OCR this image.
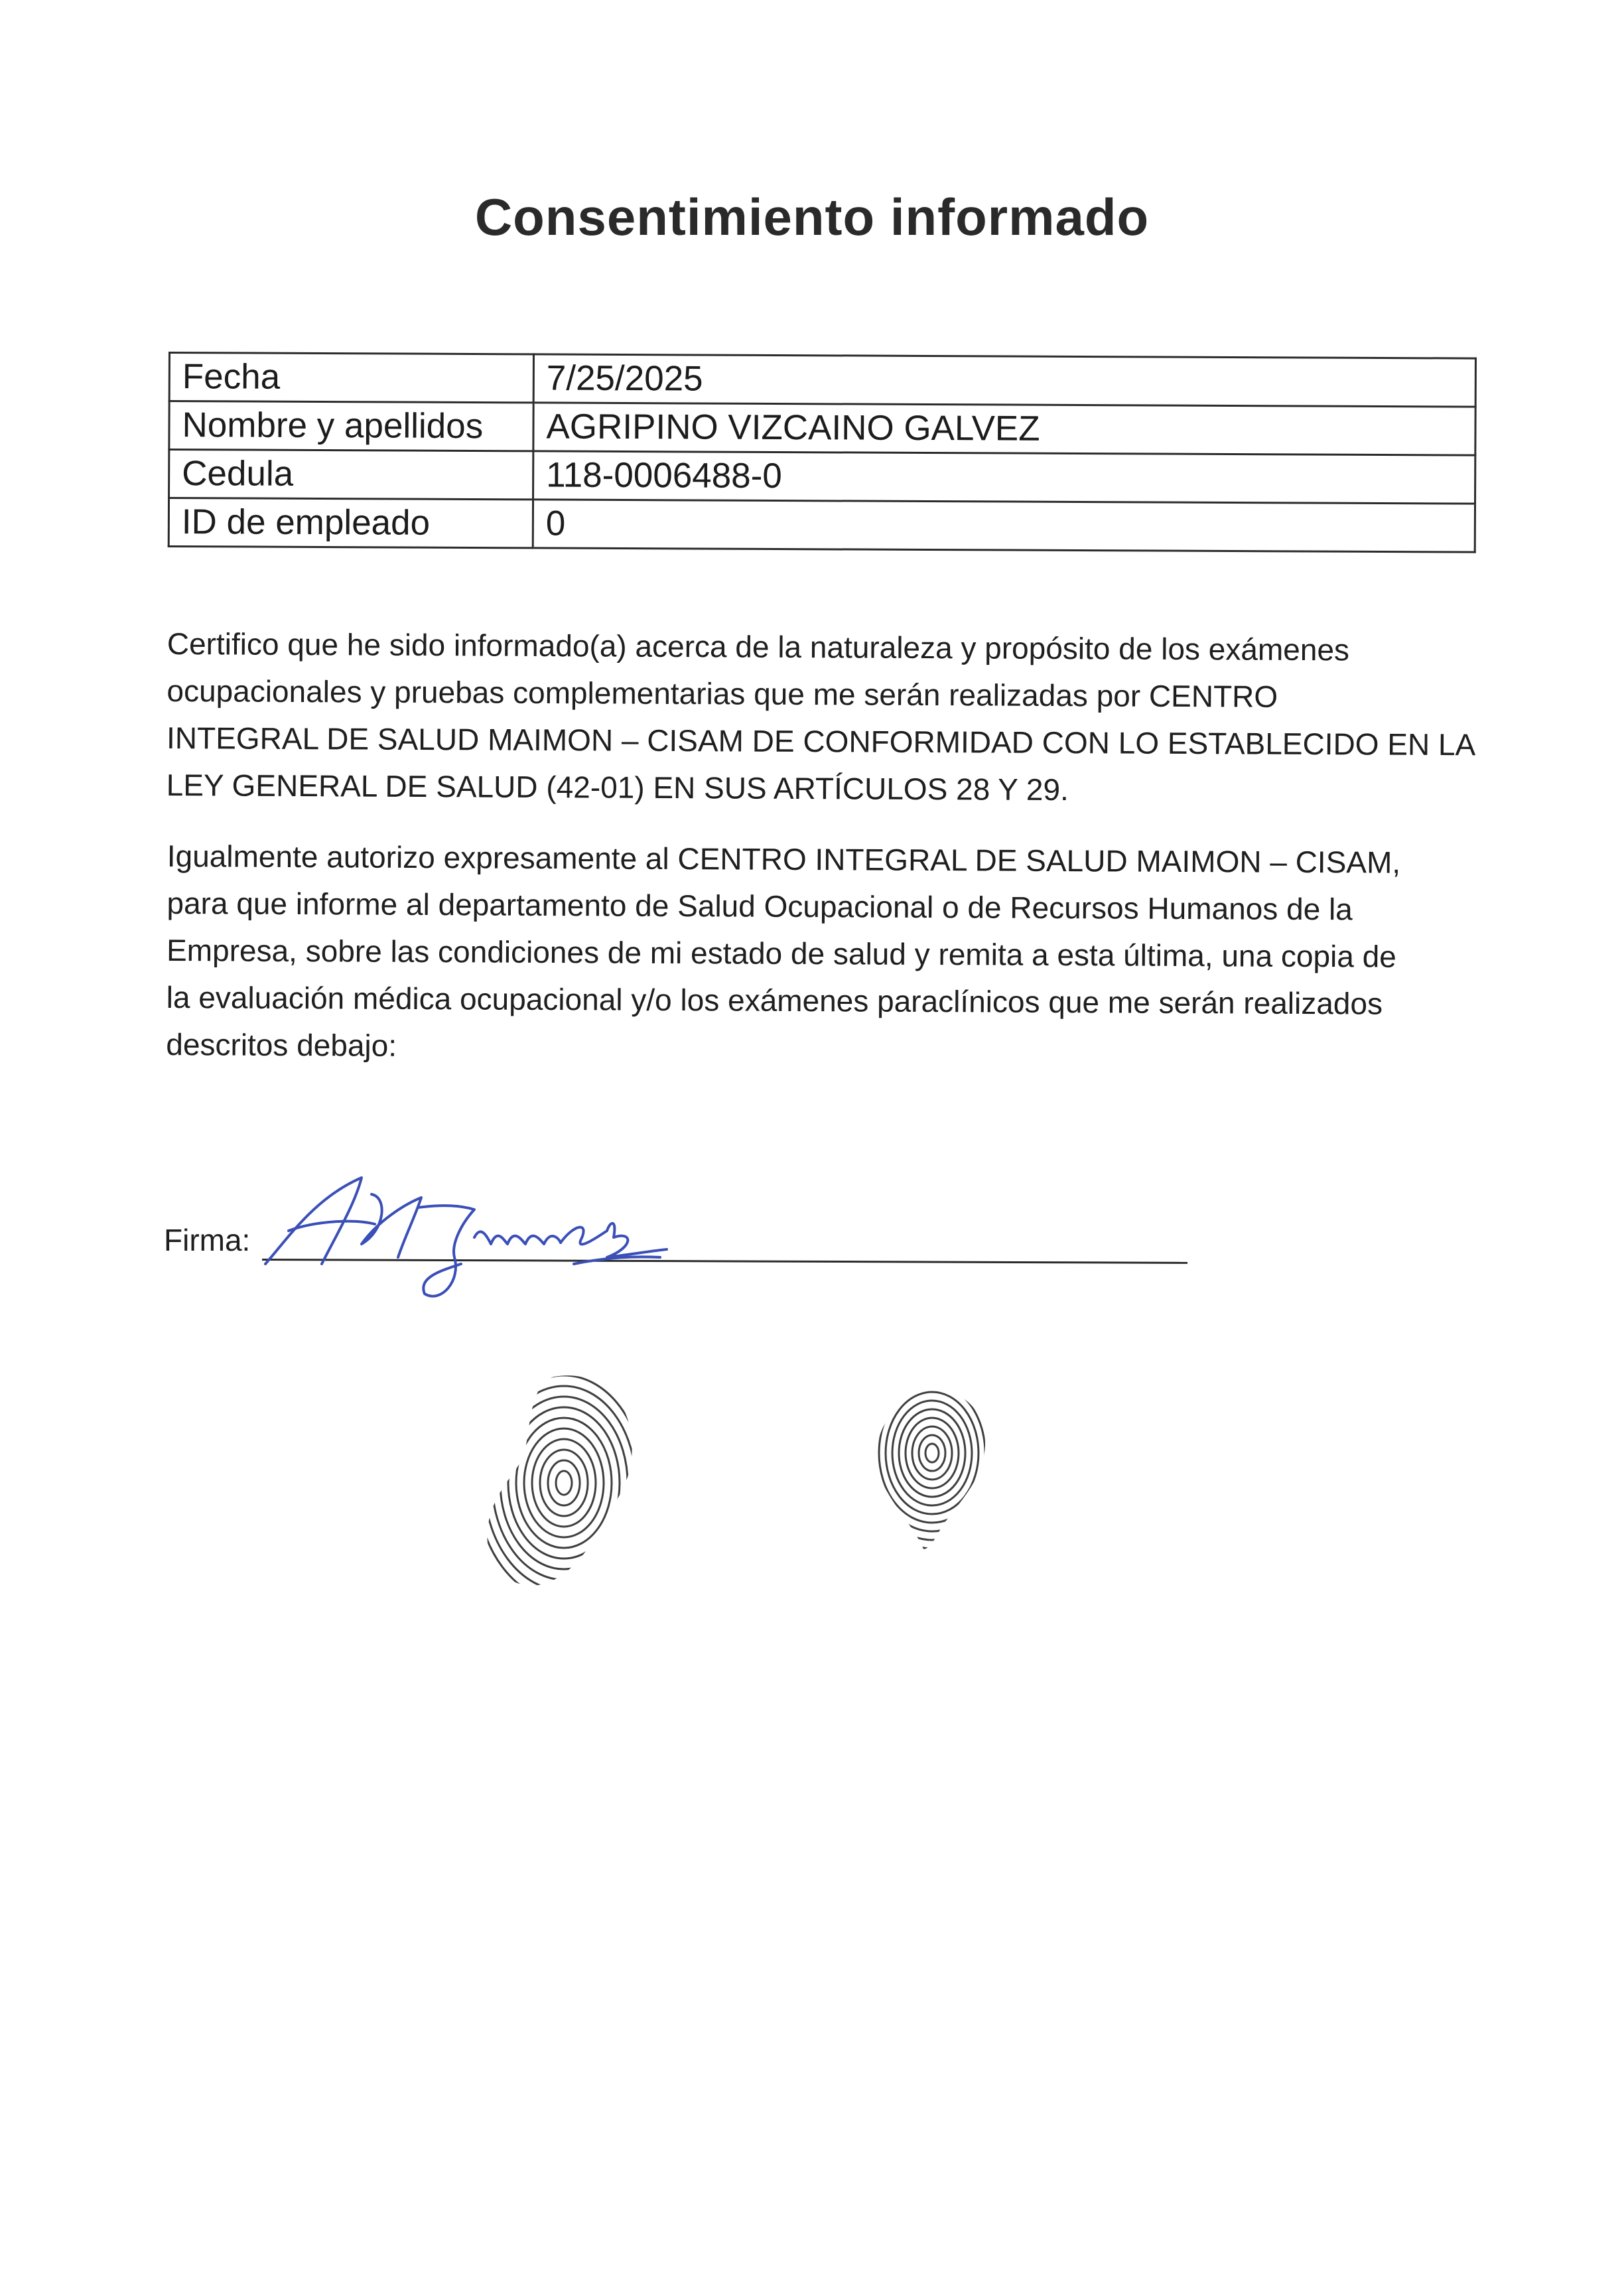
Consentimiento informado
Fecha	7/25/2025
Nombre y apellidos	AGRIPINO VIZCAINO GALVEZ
Cedula	118-0006488-0
ID de empleado	0
Certifico que he sido informado(a) acerca de la naturaleza y propósito de los exámenes
ocupacionales y pruebas complementarias que me serán realizadas por CENTRO
INTEGRAL DE SALUD MAIMON – CISAM DE CONFORMIDAD CON LO ESTABLECIDO EN LA
LEY GENERAL DE SALUD (42-01) EN SUS ARTÍCULOS 28 Y 29.
Igualmente autorizo expresamente al CENTRO INTEGRAL DE SALUD MAIMON – CISAM,
para que informe al departamento de Salud Ocupacional o de Recursos Humanos de la
Empresa, sobre las condiciones de mi estado de salud y remita a esta última, una copia de
la evaluación médica ocupacional y/o los exámenes paraclínicos que me serán realizados
descritos debajo:
Firma:
